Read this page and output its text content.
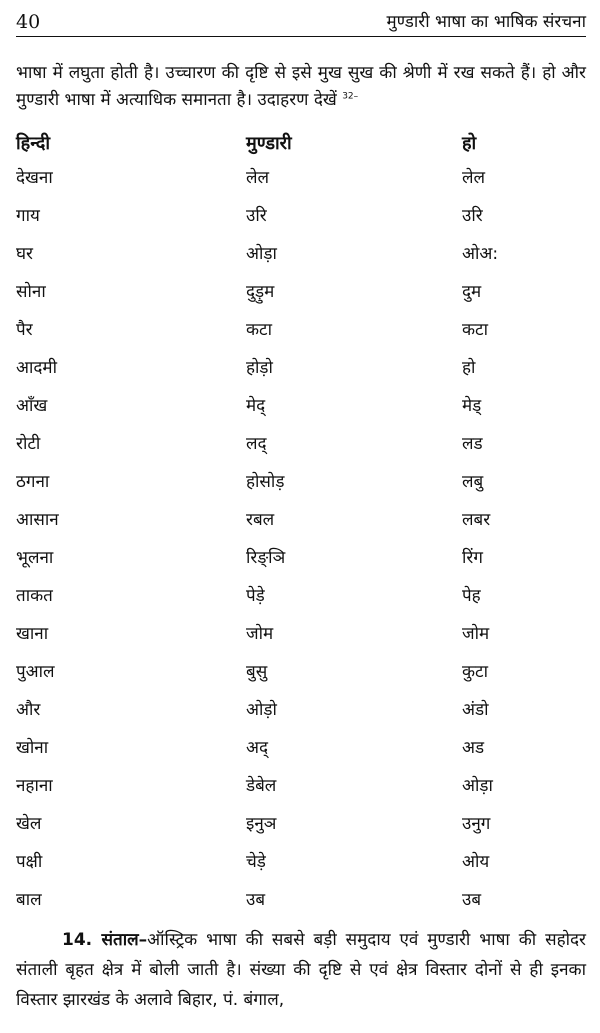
40	मुण्डारी भाषा का भाषिक संरचना

भाषा में लघुता होती है। उच्चारण की दृष्टि से इसे मुख सुख की श्रेणी में रख सकते हैं। हो और मुण्डारी भाषा में अत्याधिक समानता है। उदाहरण देखें $^{32-}$

हिन्दी	मुण्डारी	हो
देखना	लेल	लेल
गाय	उरि	उरि
घर	ओड़ा	ओअ:
सोना	दुड़ुम	दुम
पैर	कटा	कटा
आदमी	होड़ो	हो
आँख	मेद्	मेड्
रोटी	लद्	लड
ठगना	होसोड़	लबु
आसान	रबल	लबर
भूलना	रिङ्ञि	रिंग
ताकत	पेड़े	पेह
खाना	जोम	जोम
पुआल	बुसु	कुटा
और	ओड़ो	अंडो
खोना	अद्	अड
नहाना	डेबेल	ओड़ा
खेल	इनुञ	उनुग
पक्षी	चेड़े	ओय
बाल	उब	उब

14. संताल–ऑस्ट्रिक भाषा की सबसे बड़ी समुदाय एवं मुण्डारी भाषा की सहोदर संताली बृहत क्षेत्र में बोली जाती है। संख्या की दृष्टि से एवं क्षेत्र विस्तार दोनों से ही इनका विस्तार झारखंड के अलावे बिहार, पं. बंगाल,
